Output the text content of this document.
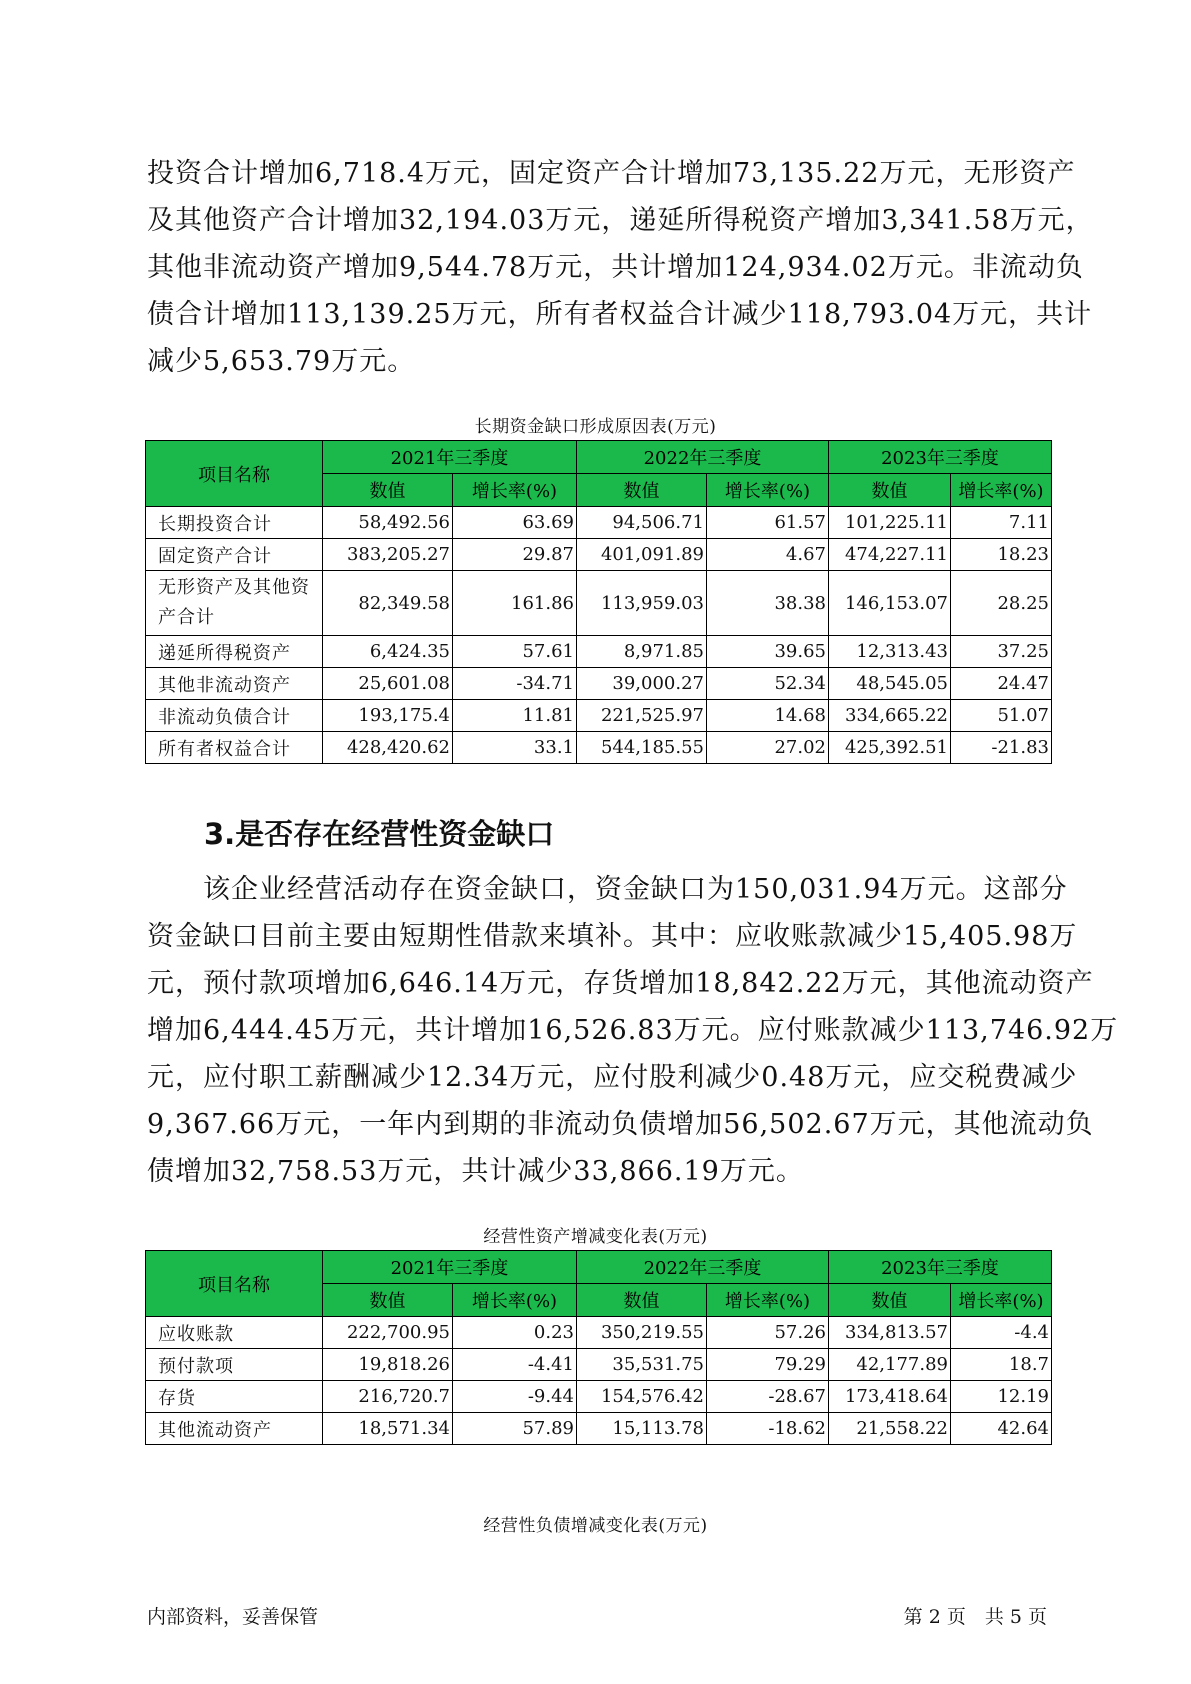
投资合计增加6,718.4万元，固定资产合计增加73,135.22万元，无形资产
及其他资产合计增加32,194.03万元，递延所得税资产增加3,341.58万元，
其他非流动资产增加9,544.78万元，共计增加124,934.02万元。非流动负
债合计增加113,139.25万元，所有者权益合计减少118,793.04万元，共计
减少5,653.79万元。
长期资金缺口形成原因表(万元)
项目名称	2021年三季度		2022年三季度		2023年三季度	
	数值	增长率(%)	数值	增长率(%)	数值	增长率(%)
长期投资合计	58,492.56	63.69	94,506.71	61.57	101,225.11	7.11
固定资产合计	383,205.27	29.87	401,091.89	4.67	474,227.11	18.23
无形资产及其他资产合计	82,349.58	161.86	113,959.03	38.38	146,153.07	28.25
递延所得税资产	6,424.35	57.61	8,971.85	39.65	12,313.43	37.25
其他非流动资产	25,601.08	-34.71	39,000.27	52.34	48,545.05	24.47
非流动负债合计	193,175.4	11.81	221,525.97	14.68	334,665.22	51.07
所有者权益合计	428,420.62	33.1	544,185.55	27.02	425,392.51	-21.83
3.是否存在经营性资金缺口
　　该企业经营活动存在资金缺口，资金缺口为150,031.94万元。这部分
资金缺口目前主要由短期性借款来填补。其中：应收账款减少15,405.98万
元，预付款项增加6,646.14万元，存货增加18,842.22万元，其他流动资产
增加6,444.45万元，共计增加16,526.83万元。应付账款减少113,746.92万
元，应付职工薪酬减少12.34万元，应付股利减少0.48万元，应交税费减少
9,367.66万元，一年内到期的非流动负债增加56,502.67万元，其他流动负
债增加32,758.53万元，共计减少33,866.19万元。
经营性资产增减变化表(万元)
项目名称	2021年三季度		2022年三季度		2023年三季度	
	数值	增长率(%)	数值	增长率(%)	数值	增长率(%)
应收账款	222,700.95	0.23	350,219.55	57.26	334,813.57	-4.4
预付款项	19,818.26	-4.41	35,531.75	79.29	42,177.89	18.7
存货	216,720.7	-9.44	154,576.42	-28.67	173,418.64	12.19
其他流动资产	18,571.34	57.89	15,113.78	-18.62	21,558.22	42.64
经营性负债增减变化表(万元)
内部资料，妥善保管	第 2 页　共 5 页
